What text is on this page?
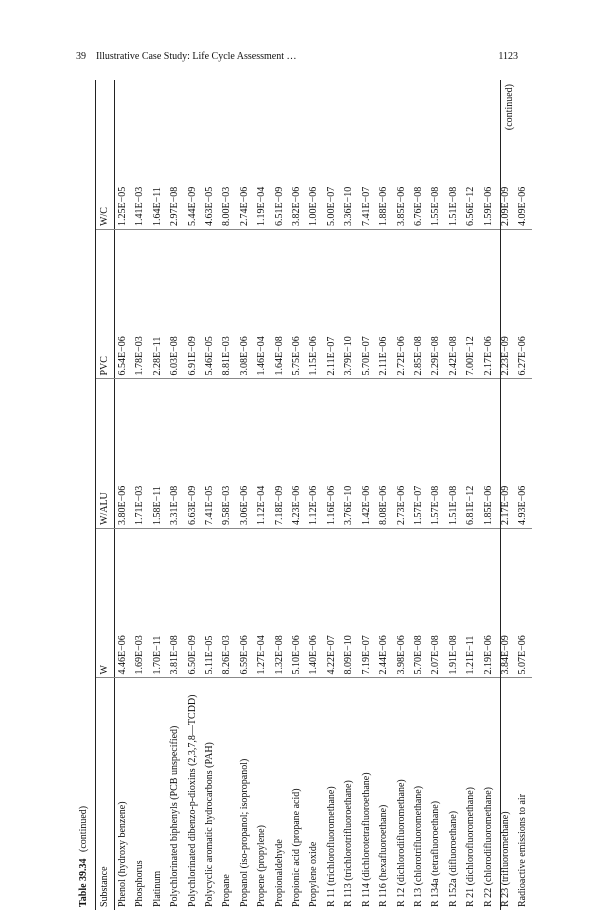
39 Illustrative Case Study: Life Cycle Assessment …	1123
Table 39.34 (continued)
Substance	W	W/ALU	PVC	W/C
Phenol (hydroxy benzene)	4.46E−06	3.80E−06	6.54E−06	1.25E−05
Phosphorus	1.69E−03	1.71E−03	1.78E−03	1.41E−03
Platinum	1.70E−11	1.58E−11	2.28E−11	1.64E−11
Polychlorinated biphenyls (PCB unspecified)	3.81E−08	3.31E−08	6.03E−08	2.97E−08
Polychlorinated dibenzo-p-dioxins (2,3,7,8—TCDD)	6.50E−09	6.63E−09	6.91E−09	5.44E−09
Polycyclic aromatic hydrocarbons (PAH)	5.11E−05	7.41E−05	5.46E−05	4.63E−05
Propane	8.26E−03	9.58E−03	8.81E−03	8.00E−03
Propanol (iso-propanol; isopropanol)	6.59E−06	3.06E−06	3.08E−06	2.74E−06
Propene (propylene)	1.27E−04	1.12E−04	1.46E−04	1.19E−04
Propionaldehyde	1.32E−08	7.18E−09	1.64E−08	6.51E−09
Propionic acid (propane acid)	5.10E−06	4.23E−06	5.75E−06	3.82E−06
Propylene oxide	1.40E−06	1.12E−06	1.15E−06	1.00E−06
R 11 (trichlorofluoromethane)	4.22E−07	1.16E−06	2.11E−07	5.00E−07
R 113 (trichlorotrifluoroethane)	8.09E−10	3.76E−10	3.79E−10	3.36E−10
R 114 (dichlorotetrafluoroethane)	7.19E−07	1.42E−06	5.70E−07	7.41E−07
R 116 (hexafluoroethane)	2.44E−06	8.08E−06	2.11E−06	1.88E−06
R 12 (dichlorodifluoromethane)	3.98E−06	2.73E−06	2.72E−06	3.85E−06
R 13 (chlorotrifluoromethane)	5.70E−08	1.57E−07	2.85E−08	6.76E−08
R 134a (tetrafluoroethane)	2.07E−08	1.57E−08	2.29E−08	1.55E−08
R 152a (difluoroethane)	1.91E−08	1.51E−08	2.42E−08	1.51E−08
R 21 (dichlorofluoromethane)	1.21E−11	6.81E−12	7.00E−12	6.56E−12
R 22 (chlorodifluoromethane)	2.19E−06	1.85E−06	2.17E−06	1.59E−06
R 23 (trifluoromethane)	3.84E−09	2.17E−09	2.23E−09	2.09E−09
Radioactive emissions to air	5.07E−06	4.93E−06	6.27E−06	4.09E−06
(continued)
